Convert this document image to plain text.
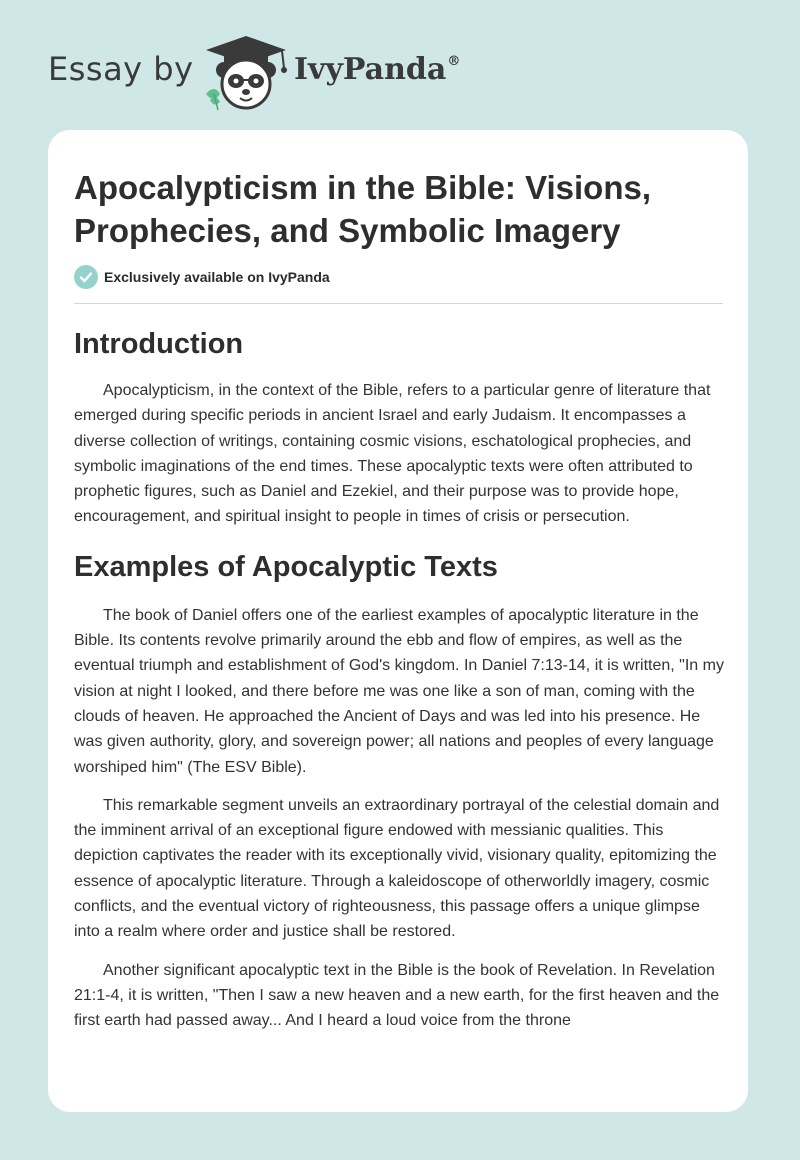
Essay by	IvyPanda®
Apocalypticism in the Bible: Visions, Prophecies, and Symbolic Imagery
Exclusively available on IvyPanda
Introduction

Apocalypticism, in the context of the Bible, refers to a particular genre of literature that emerged during specific periods in ancient Israel and early Judaism. It encompasses a diverse collection of writings, containing cosmic visions, eschatological prophecies, and symbolic imaginations of the end times. These apocalyptic texts were often attributed to prophetic figures, such as Daniel and Ezekiel, and their purpose was to provide hope, encouragement, and spiritual insight to people in times of crisis or persecution.

Examples of Apocalyptic Texts

The book of Daniel offers one of the earliest examples of apocalyptic literature in the Bible. Its contents revolve primarily around the ebb and flow of empires, as well as the eventual triumph and establishment of God's kingdom. In Daniel 7:13-14, it is written, "In my vision at night I looked, and there before me was one like a son of man, coming with the clouds of heaven. He approached the Ancient of Days and was led into his presence. He was given authority, glory, and sovereign power; all nations and peoples of every language worshiped him" (The ESV Bible).

This remarkable segment unveils an extraordinary portrayal of the celestial domain and the imminent arrival of an exceptional figure endowed with messianic qualities. This depiction captivates the reader with its exceptionally vivid, visionary quality, epitomizing the essence of apocalyptic literature. Through a kaleidoscope of otherworldly imagery, cosmic conflicts, and the eventual victory of righteousness, this passage offers a unique glimpse into a realm where order and justice shall be restored.

Another significant apocalyptic text in the Bible is the book of Revelation. In Revelation 21:1-4, it is written, "Then I saw a new heaven and a new earth, for the first heaven and the first earth had passed away... And I heard a loud voice from the throne
